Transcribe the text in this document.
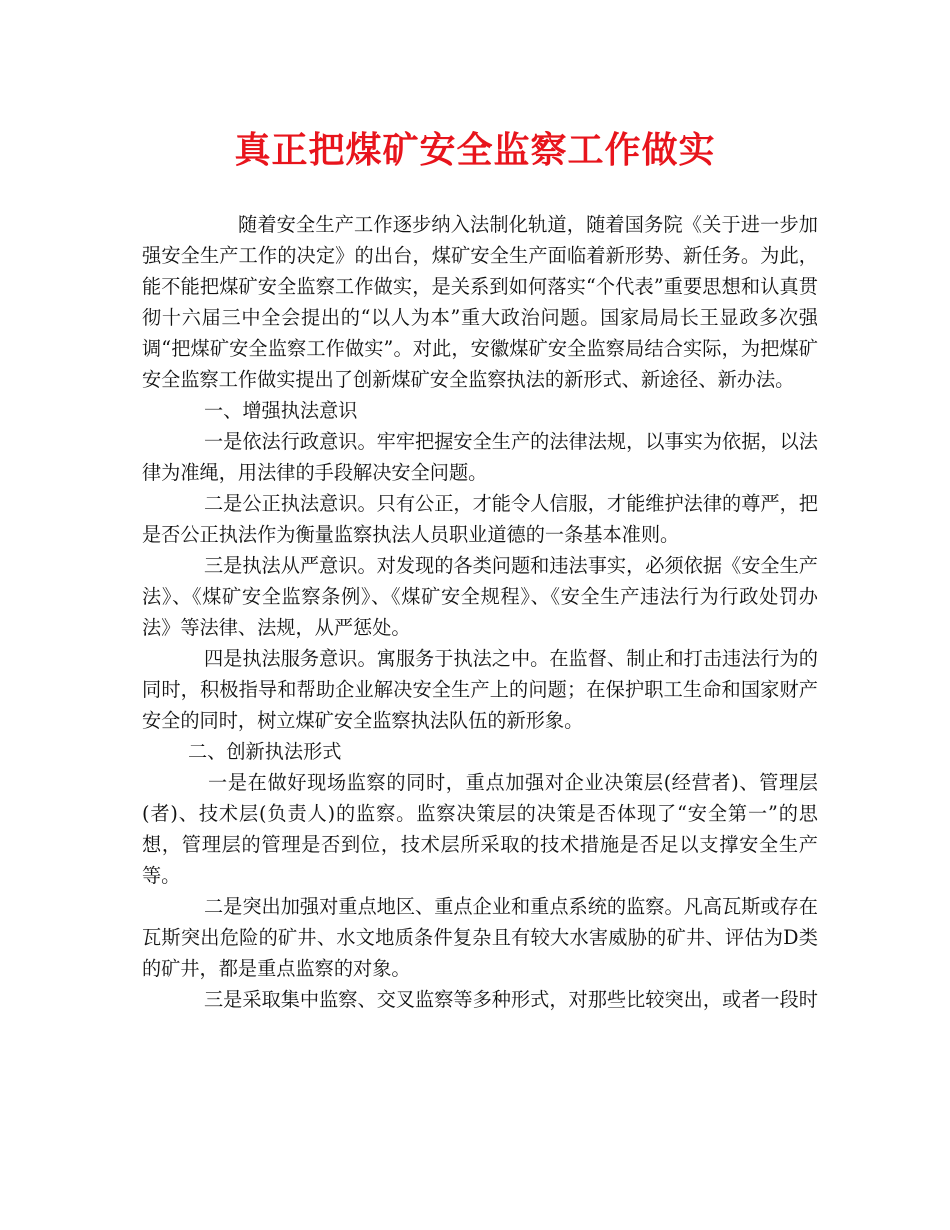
真正把煤矿安全监察工作做实

随着安全生产工作逐步纳入法制化轨道，随着国务院《关于进一步加强安全生产工作的决定》的出台，煤矿安全生产面临着新形势、新任务。为此，能不能把煤矿安全监察工作做实，是关系到如何落实“个代表”重要思想和认真贯彻十六届三中全会提出的“以人为本”重大政治问题。国家局局长王显政多次强调“把煤矿安全监察工作做实”。对此，安徽煤矿安全监察局结合实际，为把煤矿安全监察工作做实提出了创新煤矿安全监察执法的新形式、新途径、新办法。

一、增强执法意识

一是依法行政意识。牢牢把握安全生产的法律法规，以事实为依据，以法律为准绳，用法律的手段解决安全问题。

二是公正执法意识。只有公正，才能令人信服，才能维护法律的尊严，把是否公正执法作为衡量监察执法人员职业道德的一条基本准则。

三是执法从严意识。对发现的各类问题和违法事实，必须依据《安全生产法》、《煤矿安全监察条例》、《煤矿安全规程》、《安全生产违法行为行政处罚办法》等法律、法规，从严惩处。

四是执法服务意识。寓服务于执法之中。在监督、制止和打击违法行为的同时，积极指导和帮助企业解决安全生产上的问题；在保护职工生命和国家财产安全的同时，树立煤矿安全监察执法队伍的新形象。

二、创新执法形式

一是在做好现场监察的同时，重点加强对企业决策层(经营者)、管理层(者)、技术层(负责人)的监察。监察决策层的决策是否体现了“安全第一”的思想，管理层的管理是否到位，技术层所采取的技术措施是否足以支撑安全生产等。

二是突出加强对重点地区、重点企业和重点系统的监察。凡高瓦斯或存在瓦斯突出危险的矿井、水文地质条件复杂且有较大水害威胁的矿井、评估为D类的矿井，都是重点监察的对象。

三是采取集中监察、交叉监察等多种形式，对那些比较突出，或者一段时
